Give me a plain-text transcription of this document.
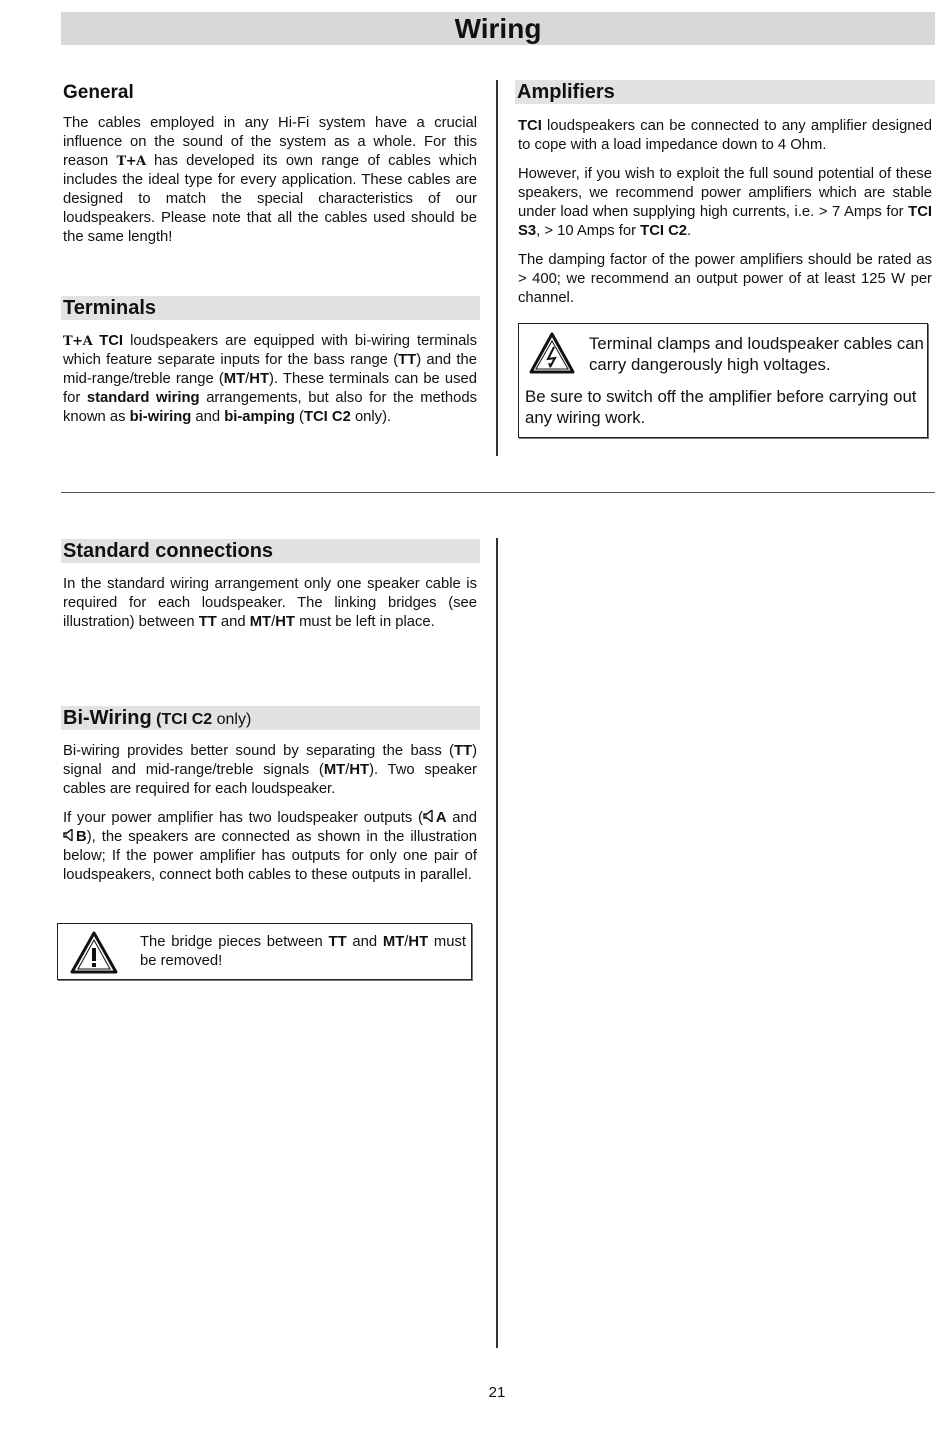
Wiring
General
The cables employed in any Hi-Fi system have a crucial influence on the sound of the system as a whole. For this reason T+A has developed its own range of cables which includes the ideal type for every application. These cables are designed to match the special characteristics of our loudspeakers. Please note that all the cables used should be the same length!
Terminals
T+A TCI loudspeakers are equipped with bi-wiring terminals which feature separate inputs for the bass range (TT) and the mid-range/treble range (MT/HT). These terminals can be used for standard wiring arrangements, but also for the methods known as bi-wiring and bi-amping (TCI C2 only).
Amplifiers

TCI loudspeakers can be connected to any amplifier designed to cope with a load impedance down to 4 Ohm.

However, if you wish to exploit the full sound potential of these speakers, we recommend power amplifiers which are stable under load when supplying high currents, i.e. > 7 Amps for TCI S3, > 10 Amps for TCI C2.

The damping factor of the power amplifiers should be rated as > 400; we recommend an output power of at least 125 W per channel.

Terminal clamps and loudspeaker cables can carry dangerously high voltages.
Be sure to switch off the amplifier before carrying out any wiring work.
Standard connections
In the standard wiring arrangement only one speaker cable is required for each loudspeaker. The linking bridges (see illustration) between TT and MT/HT must be left in place.
Bi-Wiring (TCI C2 only)

Bi-wiring provides better sound by separating the bass (TT) signal and mid-range/treble signals (MT/HT). Two speaker cables are required for each loudspeaker.

If your power amplifier has two loudspeaker outputs ( A and B), the speakers are connected as shown in the illustration below; If the power amplifier has outputs for only one pair of loudspeakers, connect both cables to these outputs in parallel.

The bridge pieces between TT and MT/HT must be removed!
21
